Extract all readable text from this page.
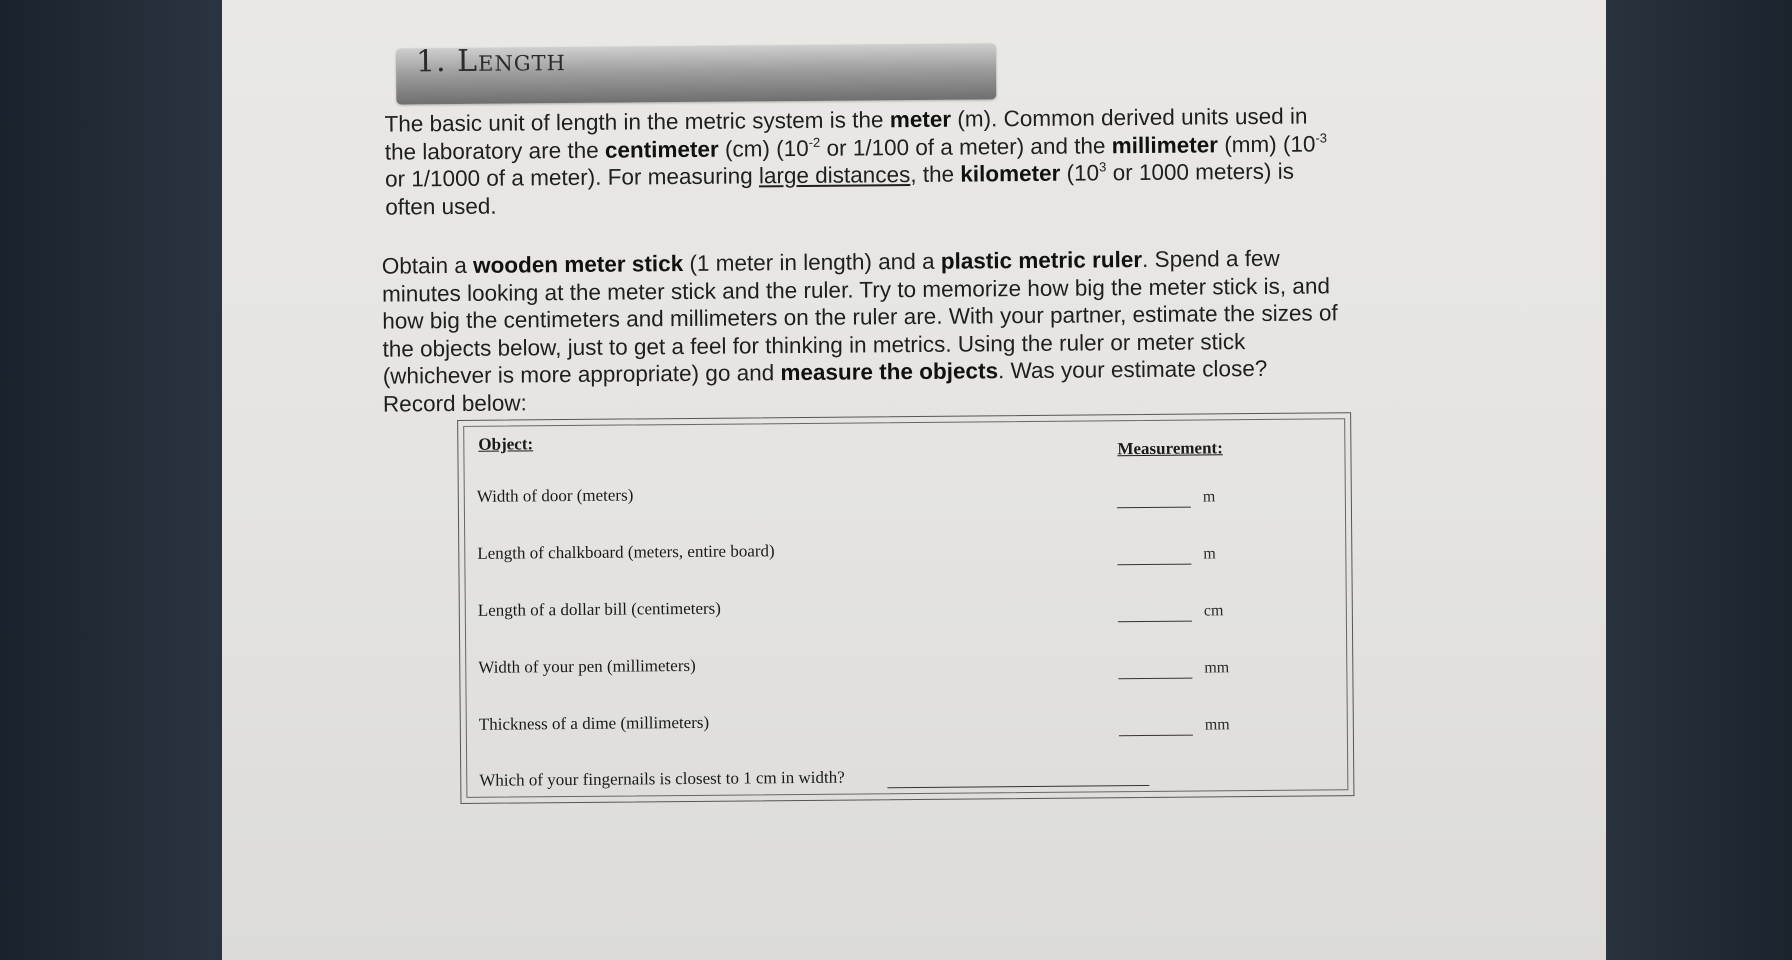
1. Length

The basic unit of length in the metric system is the meter (m). Common derived units used in
the laboratory are the centimeter (cm) ($10^{-2}$ or 1/100 of a meter) and the millimeter (mm) ($10^{-3}$
or 1/1000 of a meter). For measuring large distances, the kilometer ($10^3$ or 1000 meters) is
often used.

Obtain a wooden meter stick (1 meter in length) and a plastic metric ruler. Spend a few
minutes looking at the meter stick and the ruler. Try to memorize how big the meter stick is, and
how big the centimeters and millimeters on the ruler are. With your partner, estimate the sizes of
the objects below, just to get a feel for thinking in metrics. Using the ruler or meter stick
(whichever is more appropriate) go and measure the objects. Was your estimate close?
Record below:

Object:	Measurement:
Width of door (meters)	m
Length of chalkboard (meters, entire board)	m
Length of a dollar bill (centimeters)	cm
Width of your pen (millimeters)	mm
Thickness of a dime (millimeters)	mm
Which of your fingernails is closest to 1 cm in width?
